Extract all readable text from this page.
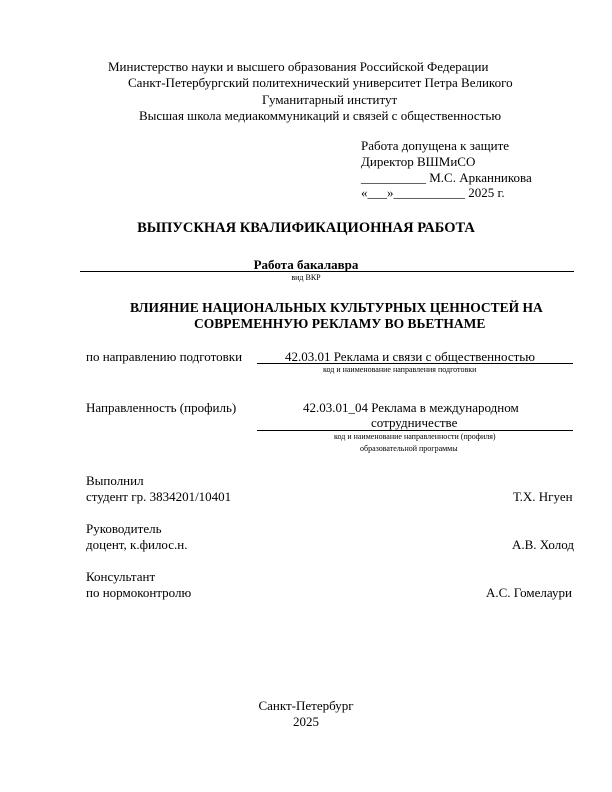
Министерство науки и высшего образования Российской Федерации
Санкт-Петербургский политехнический университет Петра Великого
Гуманитарный институт
Высшая школа медиакоммуникаций и связей с общественностью
Работа допущена к защите
Директор ВШМиСО
__________ М.С. Арканникова
«___»___________ 2025 г.
ВЫПУСКНАЯ КВАЛИФИКАЦИОННАЯ РАБОТА
Работа бакалавра
вид ВКР
ВЛИЯНИЕ НАЦИОНАЛЬНЫХ КУЛЬТУРНЫХ ЦЕННОСТЕЙ НА
СОВРЕМЕННУЮ РЕКЛАМУ ВО ВЬЕТНАМЕ
по направлению подготовки	42.03.01 Реклама и связи с общественностью
код и наименование направления подготовки
Направленность (профиль)	42.03.01_04 Реклама в международном
сотрудничестве
код и наименование направленности (профиля)
образовательной программы
Выполнил
студент гр. 3834201/10401	Т.Х. Нгуен
Руководитель
доцент, к.филос.н.	А.В. Холод
Консультант
по нормоконтролю	А.С. Гомелаури
Санкт-Петербург
2025
